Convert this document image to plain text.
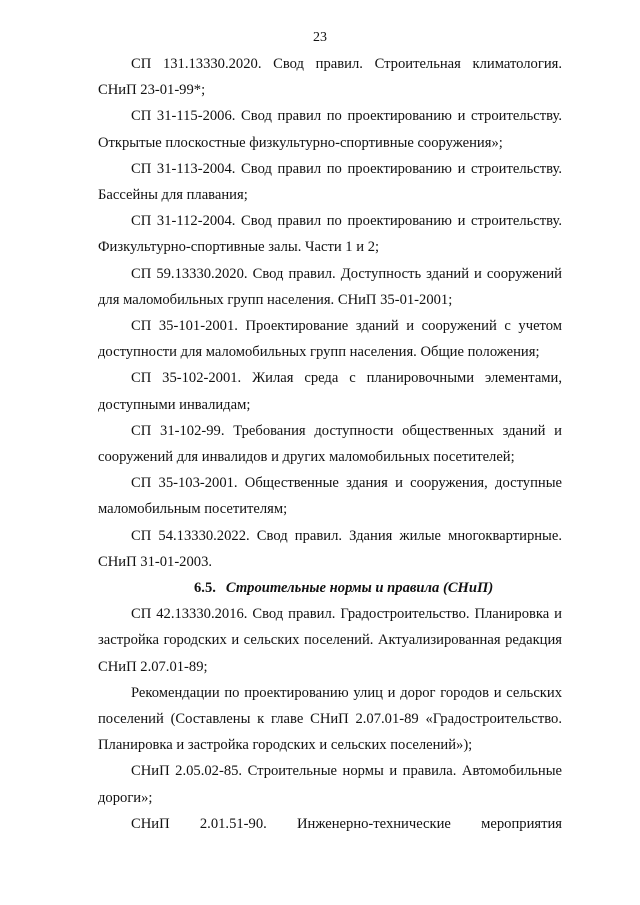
23

СП 131.13330.2020. Свод правил. Строительная климатология. СНиП 23-01-99*;

СП 31-115-2006. Свод правил по проектированию и строительству. Открытые плоскостные физкультурно-спортивные сооружения»;

СП 31-113-2004. Свод правил по проектированию и строительству. Бассейны для плавания;

СП 31-112-2004. Свод правил по проектированию и строительству. Физкультурно-спортивные залы. Части 1 и 2;

СП 59.13330.2020. Свод правил. Доступность зданий и сооружений для маломобильных групп населения. СНиП 35-01-2001;

СП 35-101-2001. Проектирование зданий и сооружений с учетом доступности для маломобильных групп населения. Общие положения;

СП 35-102-2001. Жилая среда с планировочными элементами, доступными инвалидам;

СП 31-102-99. Требования доступности общественных зданий и сооружений для инвалидов и других маломобильных посетителей;

СП 35-103-2001. Общественные здания и сооружения, доступные маломобильным посетителям;

СП 54.13330.2022. Свод правил. Здания жилые многоквартирные. СНиП 31-01-2003.

6.5. Строительные нормы и правила (СНиП)

СП 42.13330.2016. Свод правил. Градостроительство. Планировка и застройка городских и сельских поселений. Актуализированная редакция СНиП 2.07.01-89;

Рекомендации по проектированию улиц и дорог городов и сельских поселений (Составлены к главе СНиП 2.07.01-89 «Градостроительство. Планировка и застройка городских и сельских поселений»);

СНиП 2.05.02-85. Строительные нормы и правила. Автомобильные дороги»;

СНиП 2.01.51-90. Инженерно-технические мероприятия
